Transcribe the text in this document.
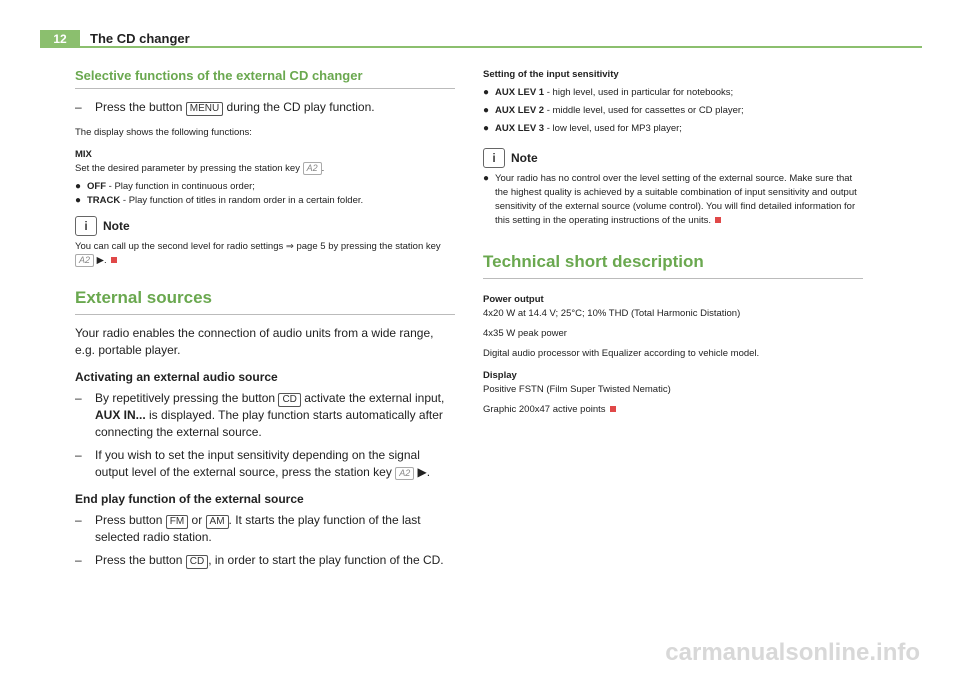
12	The CD changer
Selective functions of the external CD changer

– Press the button MENU during the CD play function.

The display shows the following functions:

MIX

Set the desired parameter by pressing the station key A2 .

● OFF - Play function in continuous order;

● TRACK - Play function of titles in random order in a certain folder.

i	Note

You can call up the second level for radio settings ⇒ page 5 by pressing the station key A2 ▶.

External sources

Your radio enables the connection of audio units from a wide range, e.g. portable player.

Activating an external audio source

– By repetitively pressing the button CD activate the external input, AUX IN... is displayed. The play function starts automatically after connecting the external source.

– If you wish to set the input sensitivity depending on the signal output level of the external source, press the station key A2 ▶.

End play function of the external source

– Press button FM or AM . It starts the play function of the last selected radio station.

– Press the button CD , in order to start the play function of the CD.

Setting of the input sensitivity

● AUX LEV 1 - high level, used in particular for notebooks;

● AUX LEV 2 - middle level, used for cassettes or CD player;

● AUX LEV 3 - low level, used for MP3 player;

i	Note

● Your radio has no control over the level setting of the external source. Make sure that the highest quality is achieved by a suitable combination of input sensitivity and output sensitivity of the external source (volume control). You will find detailed information for this setting in the operating instructions of the units.

Technical short description

Power output

4x20 W at 14.4 V; 25°C; 10% THD (Total Harmonic Distation)

4x35 W peak power

Digital audio processor with Equalizer according to vehicle model.

Display

Positive FSTN (Film Super Twisted Nematic)

Graphic 200x47 active points

carmanualsonline.info
